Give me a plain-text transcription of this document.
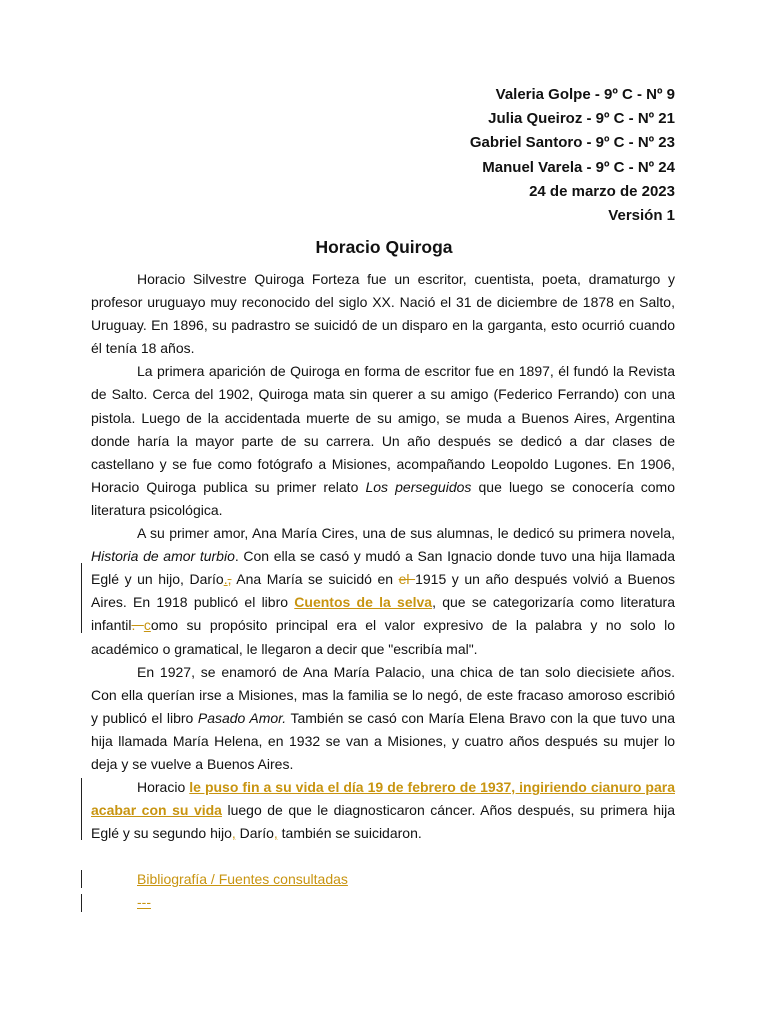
Valeria Golpe - 9º C - Nº 9
Julia Queiroz - 9º C - Nº 21
Gabriel Santoro - 9º C - Nº 23
Manuel Varela - 9º C - Nº 24
24 de marzo de 2023
Versión 1
Horacio Quiroga

Horacio Silvestre Quiroga Forteza fue un escritor, cuentista, poeta, dramaturgo y profesor uruguayo muy reconocido del siglo XX. Nació el 31 de diciembre de 1878 en Salto, Uruguay. En 1896, su padrastro se suicidó de un disparo en la garganta, esto ocurrió cuando él tenía 18 años.

La primera aparición de Quiroga en forma de escritor fue en 1897, él fundó la Revista de Salto. Cerca del 1902, Quiroga mata sin querer a su amigo (Federico Ferrando) con una pistola. Luego de la accidentada muerte de su amigo, se muda a Buenos Aires, Argentina donde haría la mayor parte de su carrera. Un año después se dedicó a dar clases de castellano y se fue como fotógrafo a Misiones, acompañando Leopoldo Lugones. En 1906, Horacio Quiroga publica su primer relato Los perseguidos que luego se conocería como literatura psicológica.

A su primer amor, Ana María Cires, una de sus alumnas, le dedicó su primera novela, Historia de amor turbio. Con ella se casó y mudó a San Ignacio donde tuvo una hija llamada Eglé y un hijo, Darío., Ana María se suicidó en el 1915 y un año después volvió a Buenos Aires. En 1918 publicó el libro Cuentos de la selva, que se categorizaría como literatura infantil. como su propósito principal era el valor expresivo de la palabra y no solo lo académico o gramatical, le llegaron a decir que "escribía mal".

En 1927, se enamoró de Ana María Palacio, una chica de tan solo diecisiete años. Con ella querían irse a Misiones, mas la familia se lo negó, de este fracaso amoroso escribió y publicó el libro Pasado Amor. También se casó con María Elena Bravo con la que tuvo una hija llamada María Helena, en 1932 se van a Misiones, y cuatro años después su mujer lo deja y se vuelve a Buenos Aires.

Horacio le puso fin a su vida el día 19 de febrero de 1937, ingiriendo cianuro para acabar con su vida luego de que le diagnosticaron cáncer. Años después, su primera hija Eglé y su segundo hijo, Darío, también se suicidaron.

Bibliografía / Fuentes consultadas
---
